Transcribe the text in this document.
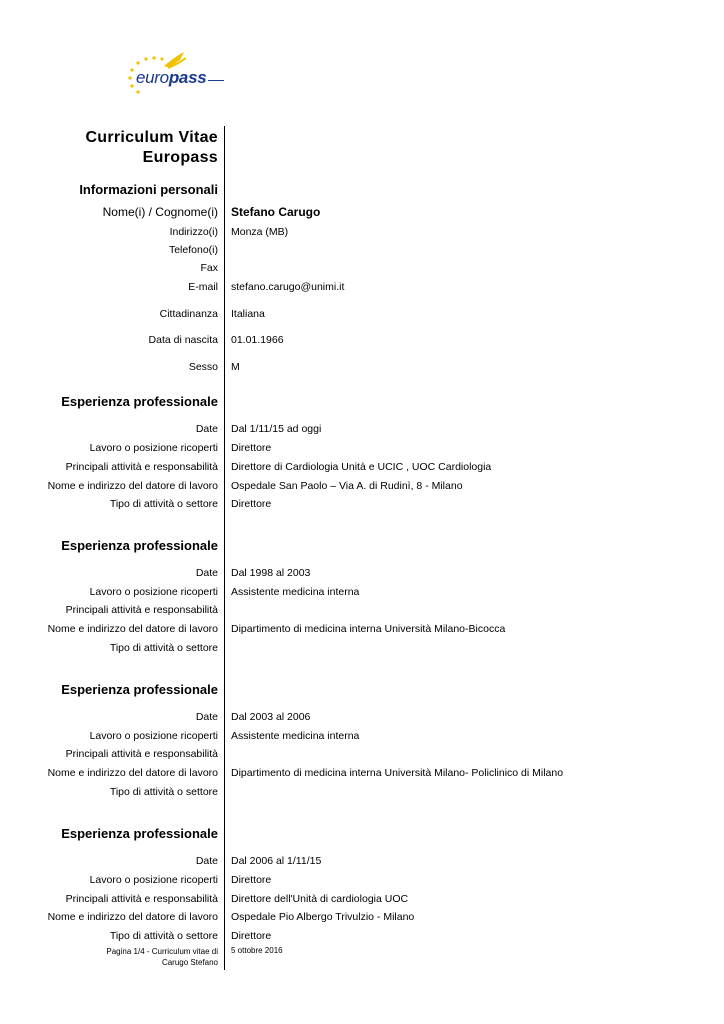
europass
Curriculum Vitae
Europass
Informazioni personali
Nome(i) / Cognome(i) Stefano Carugo
Indirizzo(i) Monza (MB)
Telefono(i)
Fax
E-mail stefano.carugo@unimi.it
Cittadinanza Italiana
Data di nascita 01.01.1966
Sesso M
Esperienza professionale
Date Dal 1/11/15 ad oggi
Lavoro o posizione ricoperti Direttore
Principali attività e responsabilità Direttore di Cardiologia Unità e UCIC , UOC Cardiologia
Nome e indirizzo del datore di lavoro Ospedale San Paolo – Via A. di Rudinì, 8 - Milano
Tipo di attività o settore Direttore
Esperienza professionale
Date Dal 1998 al 2003
Lavoro o posizione ricoperti Assistente medicina interna
Principali attività e responsabilità
Nome e indirizzo del datore di lavoro Dipartimento di medicina interna Università Milano-Bicocca
Tipo di attività o settore
Esperienza professionale
Date Dal 2003 al 2006
Lavoro o posizione ricoperti Assistente medicina interna
Principali attività e responsabilità
Nome e indirizzo del datore di lavoro Dipartimento di medicina interna Università Milano- Policlinico di Milano
Tipo di attività o settore
Esperienza professionale
Date Dal 2006 al 1/11/15
Lavoro o posizione ricoperti Direttore
Principali attività e responsabilità Direttore dell'Unità di cardiologia UOC
Nome e indirizzo del datore di lavoro Ospedale Pio Albergo Trivulzio - Milano
Tipo di attività o settore Direttore
Pagina 1/4 - Curriculum vitae di
Carugo Stefano
5 ottobre 2016
